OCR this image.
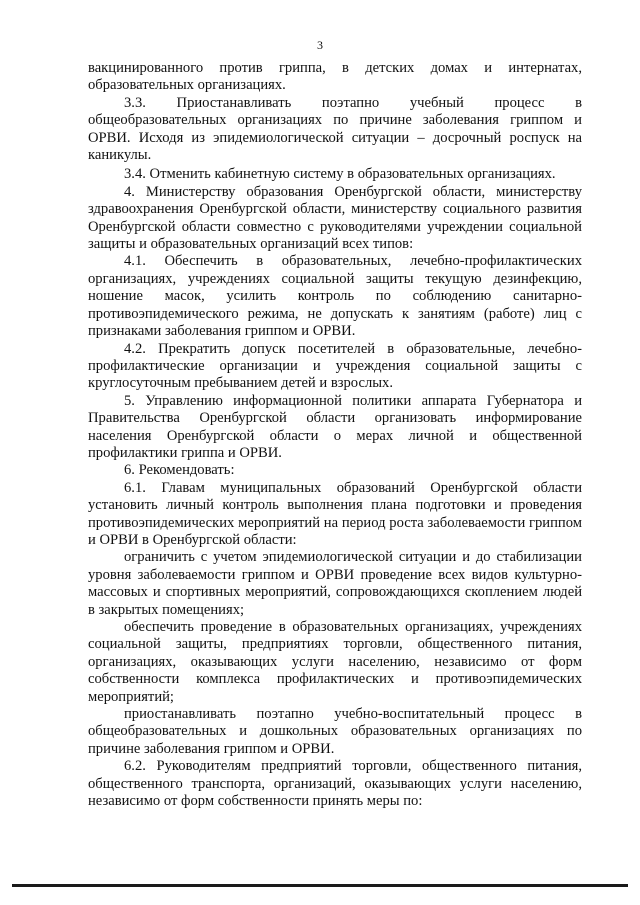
3

вакцинированного против гриппа, в детских домах и интернатах, образовательных организациях.

3.3. Приостанавливать поэтапно учебный процесс в общеобразовательных организациях по причине заболевания гриппом и ОРВИ. Исходя из эпидемиологической ситуации – досрочный роспуск на каникулы.

3.4. Отменить кабинетную систему в образовательных организациях.

4. Министерству образования Оренбургской области, министерству здравоохранения Оренбургской области, министерству социального развития Оренбургской области совместно с руководителями учреждении социальной защиты и образовательных организаций всех типов:

4.1. Обеспечить в образовательных, лечебно-профилактических организациях, учреждениях социальной защиты текущую дезинфекцию, ношение масок, усилить контроль по соблюдению санитарно-противоэпидемического режима, не допускать к занятиям (работе) лиц с признаками заболевания гриппом и ОРВИ.

4.2. Прекратить допуск посетителей в образовательные, лечебно-профилактические организации и учреждения социальной защиты с круглосуточным пребыванием детей и взрослых.

5. Управлению информационной политики аппарата Губернатора и Правительства Оренбургской области организовать информирование населения Оренбургской области о мерах личной и общественной профилактики гриппа и ОРВИ.

6. Рекомендовать:

6.1. Главам муниципальных образований Оренбургской области установить личный контроль выполнения плана подготовки и проведения противоэпидемических мероприятий на период роста заболеваемости гриппом и ОРВИ в Оренбургской области:

ограничить с учетом эпидемиологической ситуации и до стабилизации уровня заболеваемости гриппом и ОРВИ проведение всех видов культурно-массовых и спортивных мероприятий, сопровождающихся скоплением людей в закрытых помещениях;

обеспечить проведение в образовательных организациях, учреждениях социальной защиты, предприятиях торговли, общественного питания, организациях, оказывающих услуги населению, независимо от форм собственности комплекса профилактических и противоэпидемических мероприятий;

приостанавливать поэтапно учебно-воспитательный процесс в общеобразовательных и дошкольных образовательных организациях по причине заболевания гриппом и ОРВИ.

6.2. Руководителям предприятий торговли, общественного питания, общественного транспорта, организаций, оказывающих услуги населению, независимо от форм собственности принять меры по:
